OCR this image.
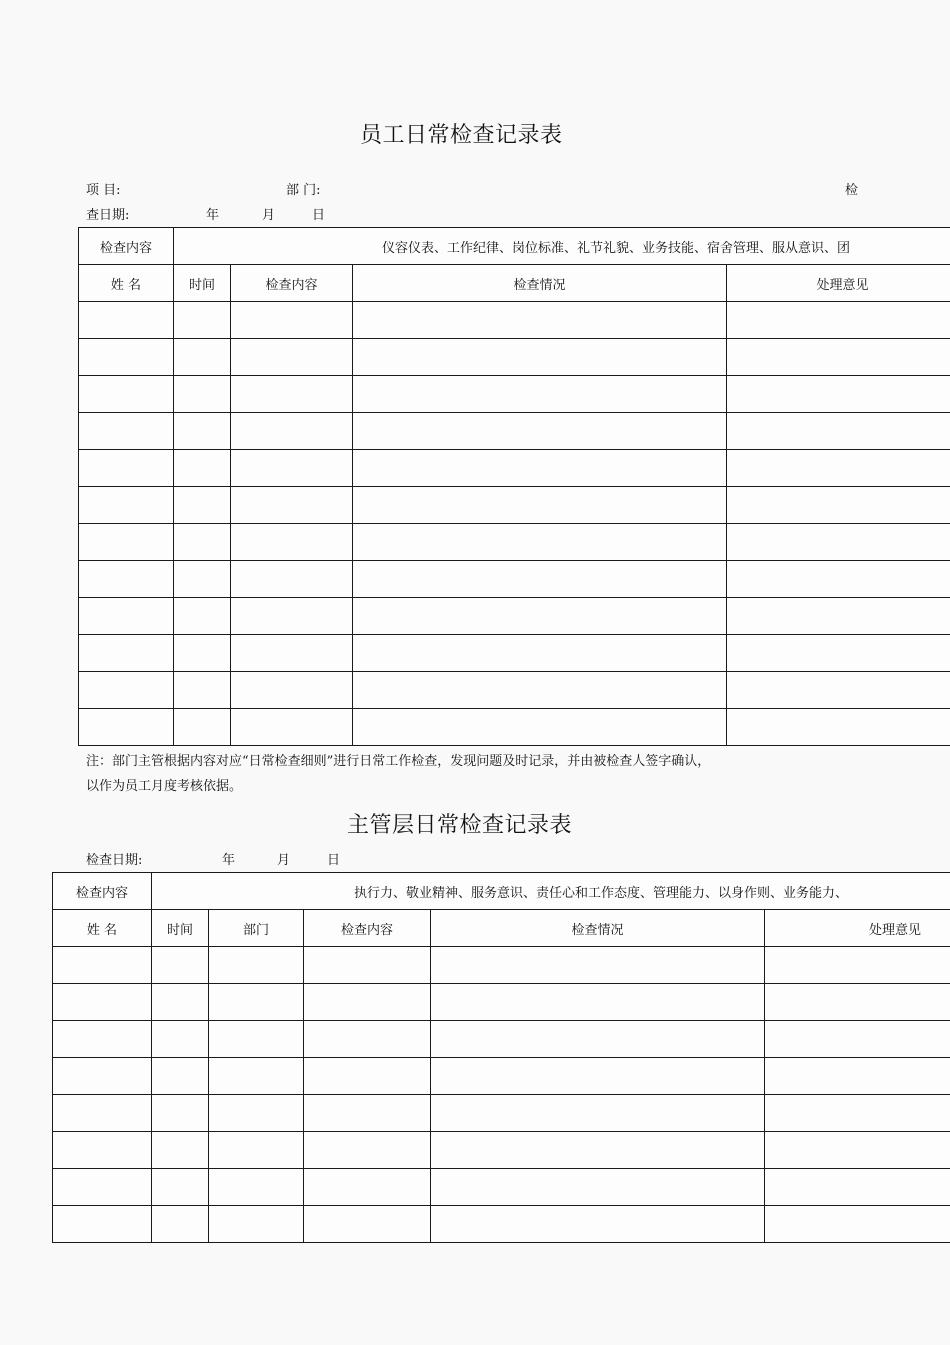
员工日常检查记录表
项 目:	部 门:	检
查日期:	年	月	日
检查内容	仪容仪表、工作纪律、岗位标准、礼节礼貌、业务技能、宿舍管理、服从意识、团			
姓 名	时间	检查内容	检查情况	处理意见

注：部门主管根据内容对应“日常检查细则”进行日常工作检查，发现问题及时记录，并由被检查人签字确认，
以作为员工月度考核依据。
主管层日常检查记录表
检查日期:	年	月	日
检查内容	执行力、敬业精神、服务意识、责任心和工作态度、管理能力、以身作则、业务能力、				
姓 名	时间	部门	检查内容	检查情况	处理意见
